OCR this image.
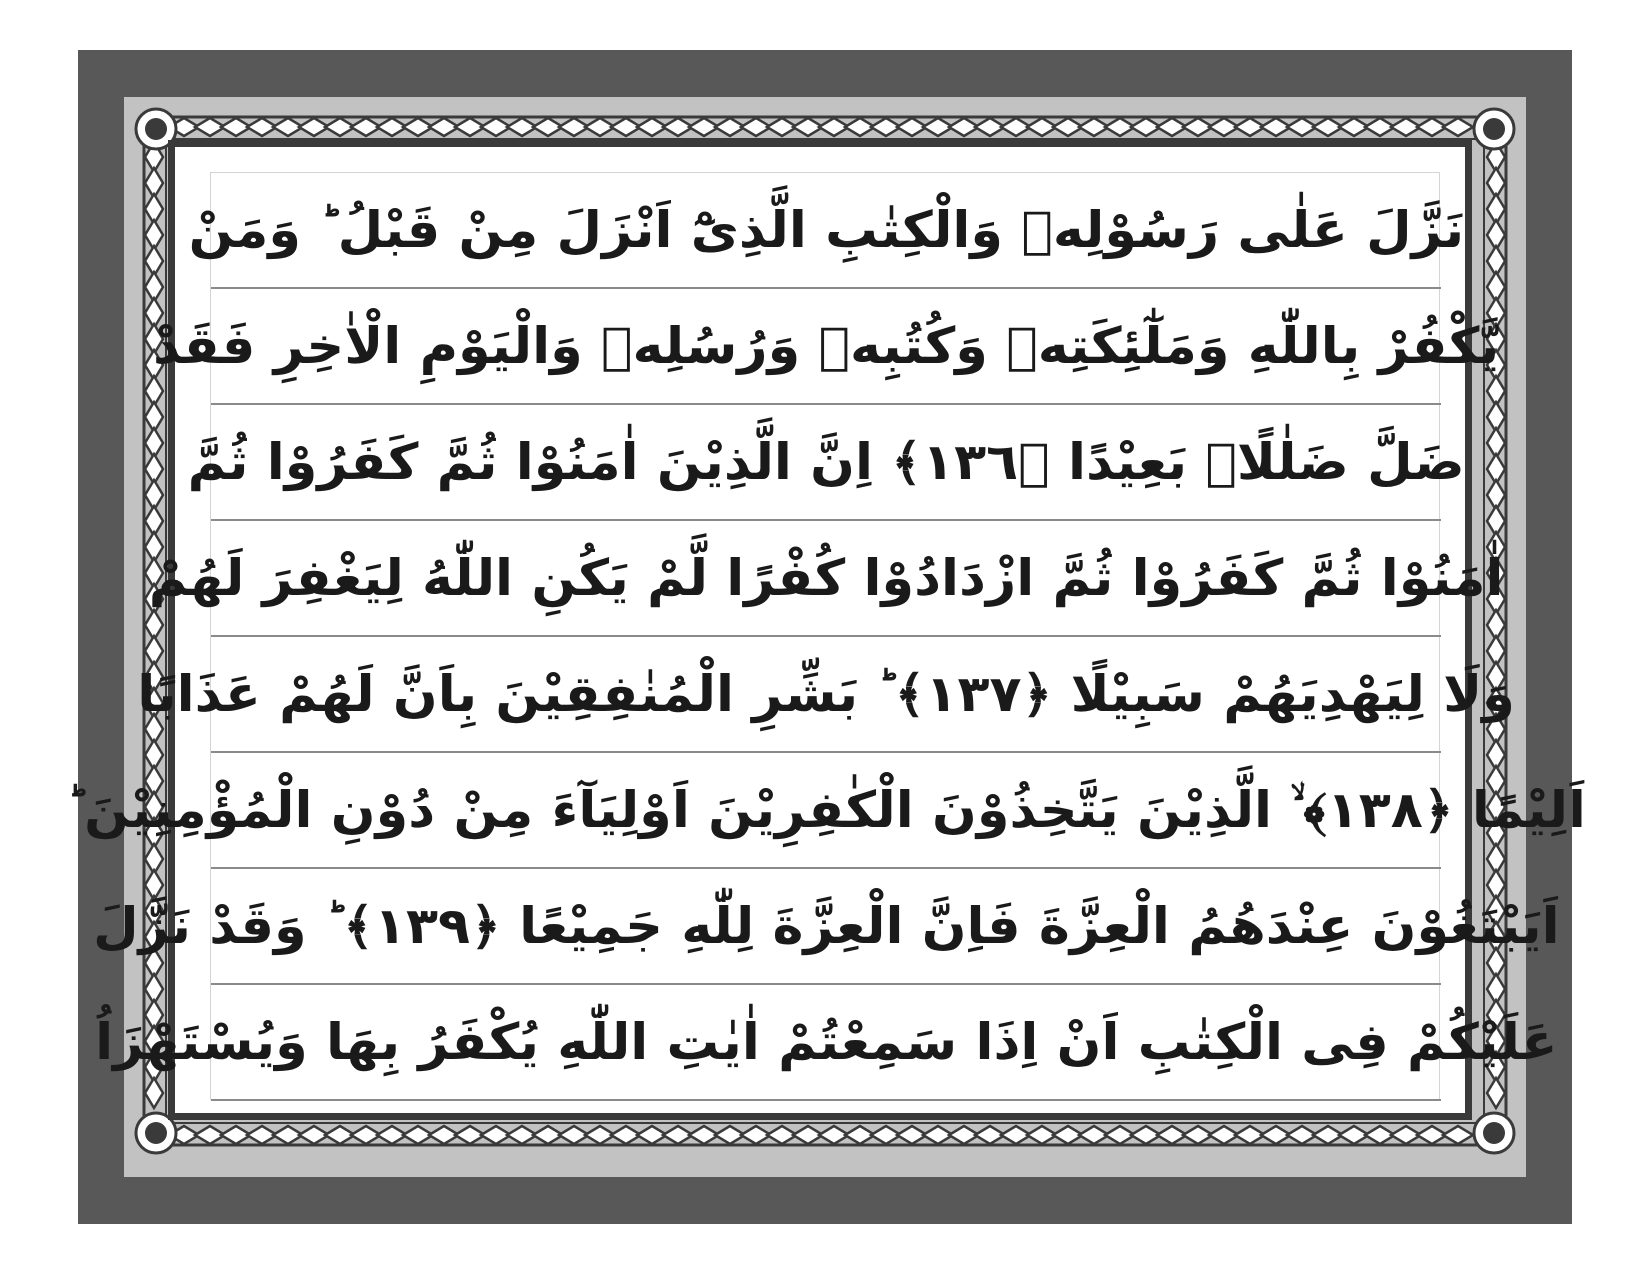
نَزَّلَ عَلٰى رَسُوْلِهٖ وَالْكِتٰبِ الَّذِىْٓ اَنْزَلَ مِنْ قَبْلُ ؕ وَمَنْ
يَّكْفُرْ بِاللّٰهِ وَمَلٰٓئِكَتِهٖ وَكُتُبِهٖ وَرُسُلِهٖ وَالْيَوْمِ الْاٰخِرِ فَقَدْ
ضَلَّ ضَلٰلًاۢ بَعِيْدًا ﴿١٣٦﴾ اِنَّ الَّذِيْنَ اٰمَنُوْا ثُمَّ كَفَرُوْا ثُمَّ
اٰمَنُوْا ثُمَّ كَفَرُوْا ثُمَّ ازْدَادُوْا كُفْرًا لَّمْ يَكُنِ اللّٰهُ لِيَغْفِرَ لَهُمْ
وَلَا لِيَهْدِيَهُمْ سَبِيْلًا ﴿١٣٧﴾ ؕ بَشِّرِ الْمُنٰفِقِيْنَ بِاَنَّ لَهُمْ عَذَابًا
اَلِيْمًا ﴿١٣٨﴾ ۙ الَّذِيْنَ يَتَّخِذُوْنَ الْكٰفِرِيْنَ اَوْلِيَآءَ مِنْ دُوْنِ الْمُؤْمِنِيْنَ ؕ
اَيَبْتَغُوْنَ عِنْدَهُمُ الْعِزَّةَ فَاِنَّ الْعِزَّةَ لِلّٰهِ جَمِيْعًا ﴿١٣٩﴾ ؕ وَقَدْ نَزَّلَ
عَلَيْكُمْ فِى الْكِتٰبِ اَنْ اِذَا سَمِعْتُمْ اٰيٰتِ اللّٰهِ يُكْفَرُ بِهَا وَيُسْتَهْزَاُ
